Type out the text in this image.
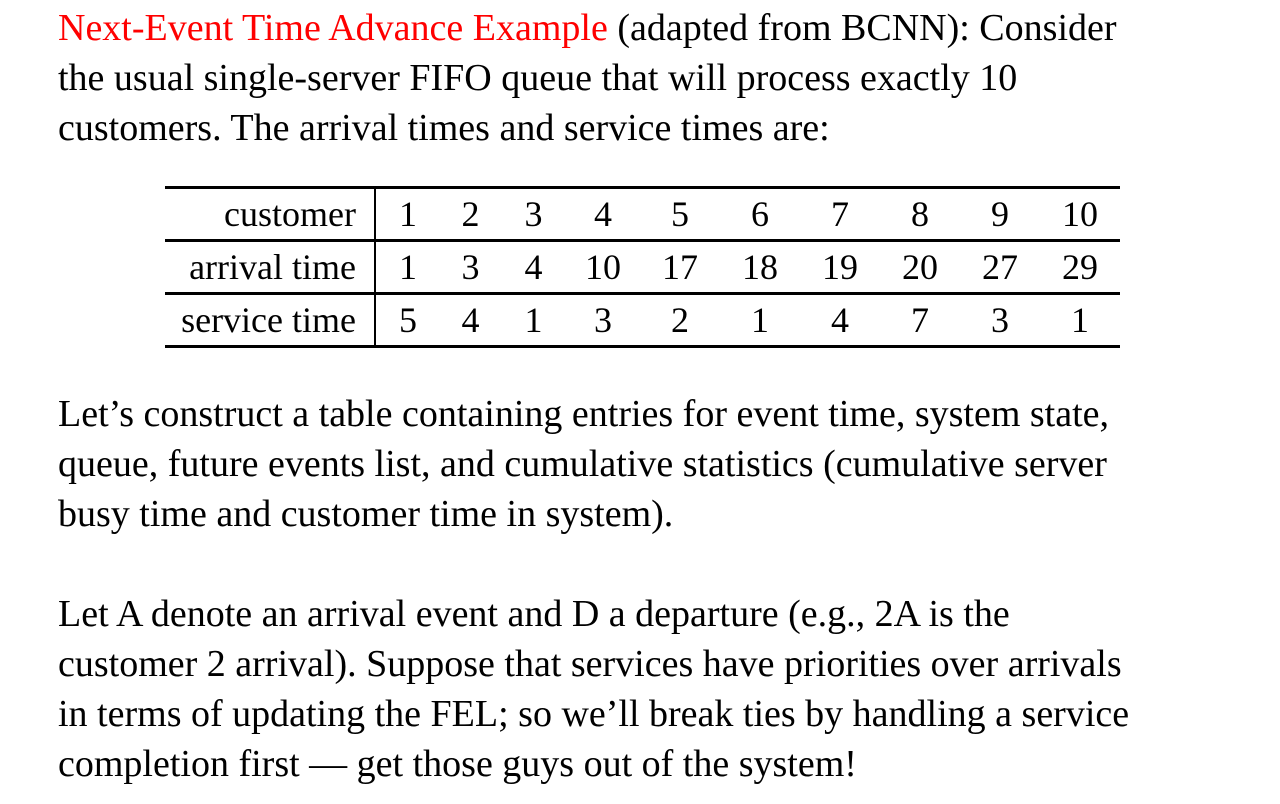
Next-Event Time Advance Example (adapted from BCNN): Consider
the usual single-server FIFO queue that will process exactly 10
customers. The arrival times and service times are:

customer	1	2	3	4	5	6	7	8	9	10
arrival time	1	3	4	10	17	18	19	20	27	29
service time	5	4	1	3	2	1	4	7	3	1

Let’s construct a table containing entries for event time, system state,
queue, future events list, and cumulative statistics (cumulative server
busy time and customer time in system).

Let A denote an arrival event and D a departure (e.g., 2A is the
customer 2 arrival). Suppose that services have priorities over arrivals
in terms of updating the FEL; so we’ll break ties by handling a service
completion first — get those guys out of the system!
